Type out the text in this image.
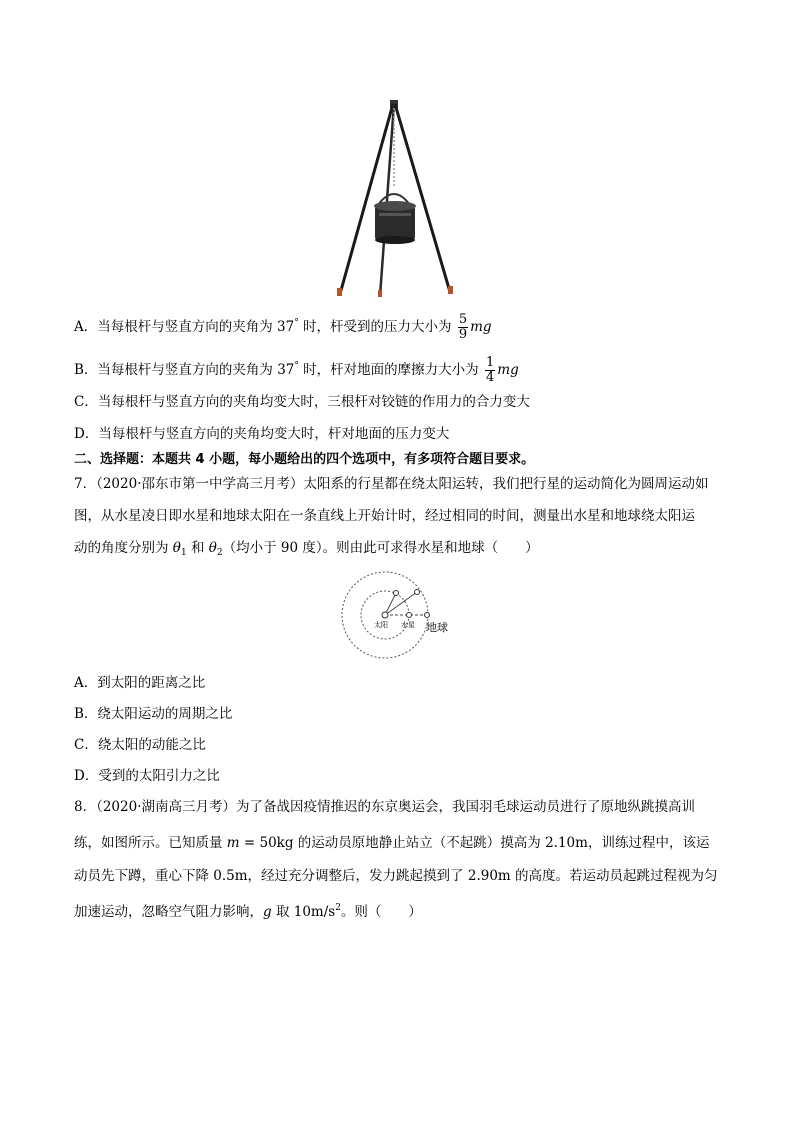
A．当每根杆与竖直方向的夹角为 37° 时，杆受到的压力大小为 $\frac{5}{9}$ mg
B．当每根杆与竖直方向的夹角为 37° 时，杆对地面的摩擦力大小为 $\frac{1}{4}$ mg
C．当每根杆与竖直方向的夹角均变大时，三根杆对铰链的作用力的合力变大
D．当每根杆与竖直方向的夹角均变大时，杆对地面的压力变大
二、选择题：本题共 4 小题，每小题给出的四个选项中，有多项符合题目要求。
7．（2020·邵东市第一中学高三月考）太阳系的行星都在绕太阳运转，我们把行星的运动简化为圆周运动如
图，从水星凌日即水星和地球太阳在一条直线上开始计时，经过相同的时间，测量出水星和地球绕太阳运
动的角度分别为 $\theta_1$ 和 $\theta_2$（均小于 90 度）。则由此可求得水星和地球（　　）
太阳 水星 地球
A．到太阳的距离之比
B．绕太阳运动的周期之比
C．绕太阳的动能之比
D．受到的太阳引力之比
8．（2020·湖南高三月考）为了备战因疫情推迟的东京奥运会，我国羽毛球运动员进行了原地纵跳摸高训
练，如图所示。已知质量 m = 50kg 的运动员原地静止站立（不起跳）摸高为 2.10m，训练过程中，该运
动员先下蹲，重心下降 0.5m，经过充分调整后，发力跳起摸到了 2.90m 的高度。若运动员起跳过程视为匀
加速运动，忽略空气阻力影响，g 取 $10m/s^2$。则（　　）
